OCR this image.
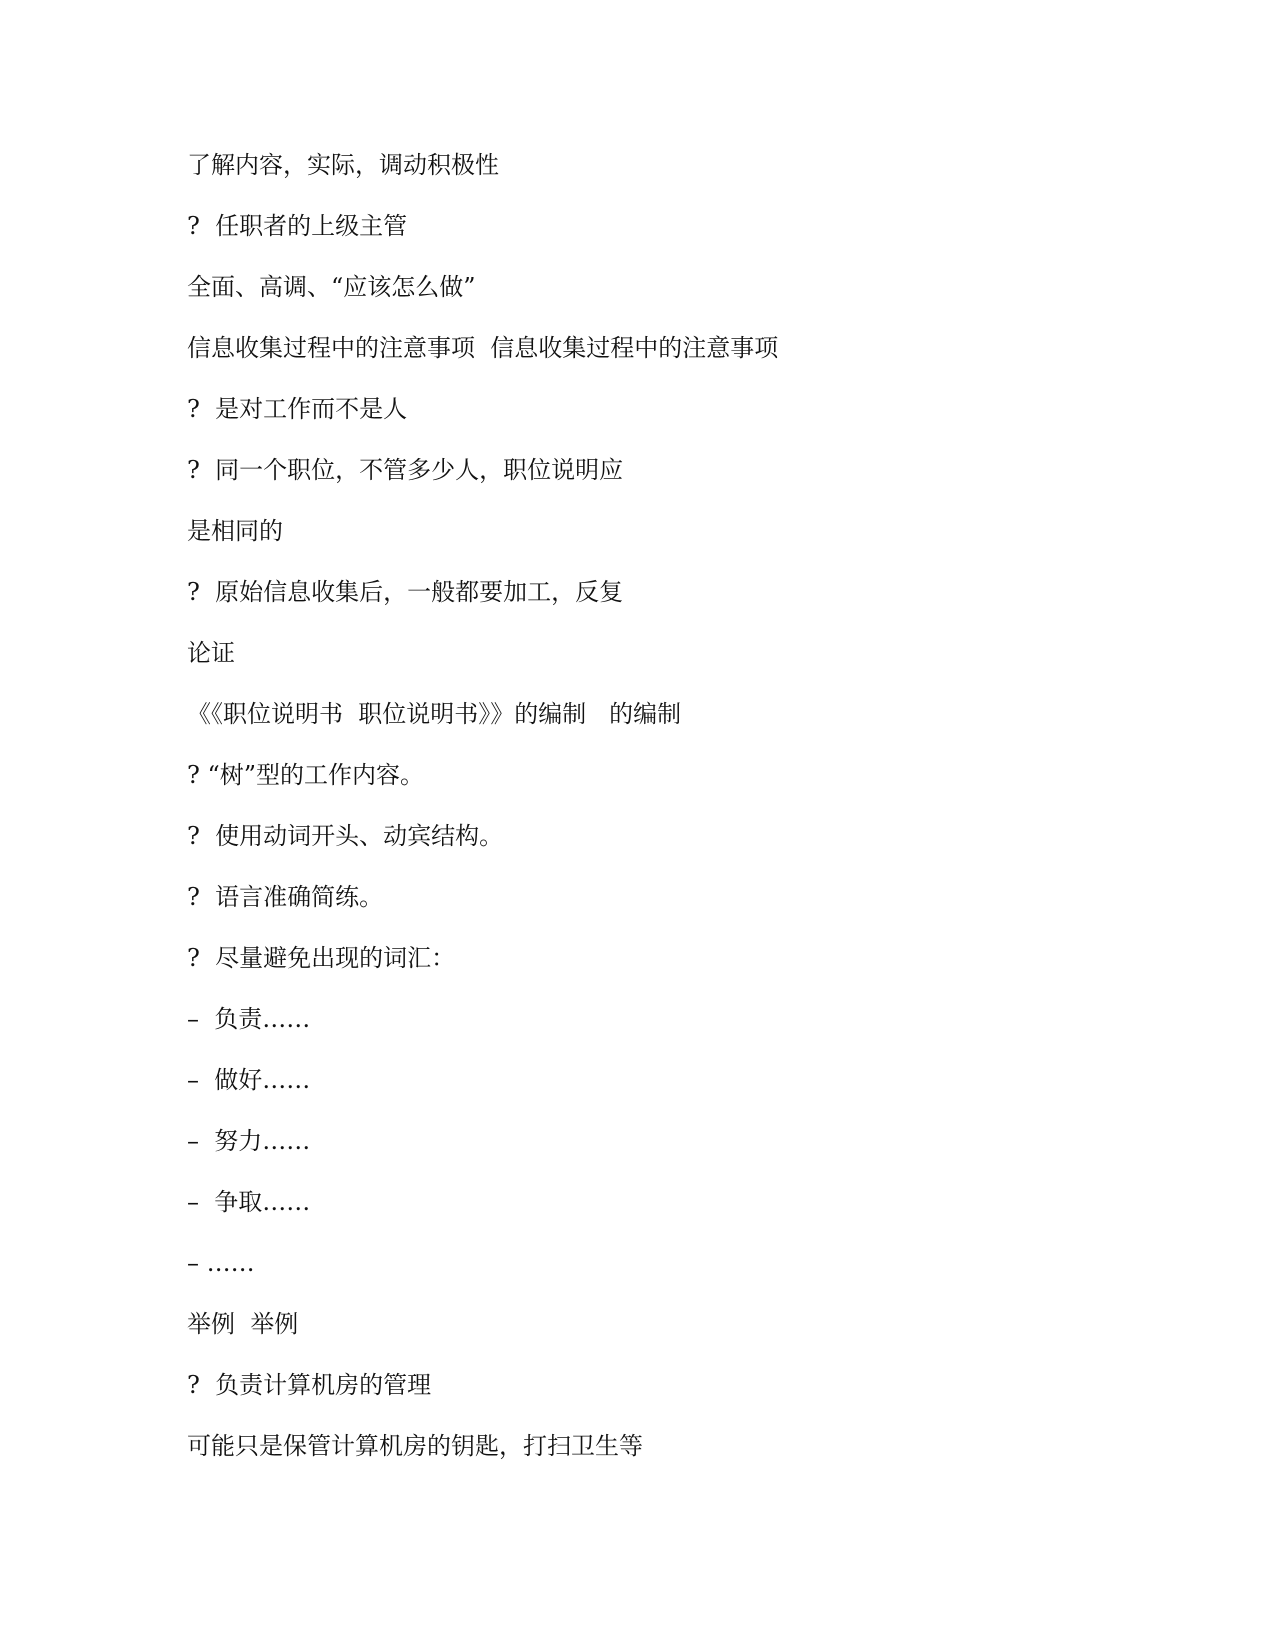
了解内容，实际，调动积极性

?  任职者的上级主管

全面、高调、“应该怎么做”

信息收集过程中的注意事项  信息收集过程中的注意事项

?  是对工作而不是人

?  同一个职位，不管多少人，职位说明应

是相同的

?  原始信息收集后，一般都要加工，反复

论证

《《职位说明书  职位说明书》》的编制   的编制

? “树”型的工作内容。

?  使用动词开头、动宾结构。

?  语言准确简练。

?  尽量避免出现的词汇：

–  负责……

–  做好……

–  努力……

–  争取……

– ……

举例  举例

?  负责计算机房的管理

可能只是保管计算机房的钥匙，打扫卫生等
